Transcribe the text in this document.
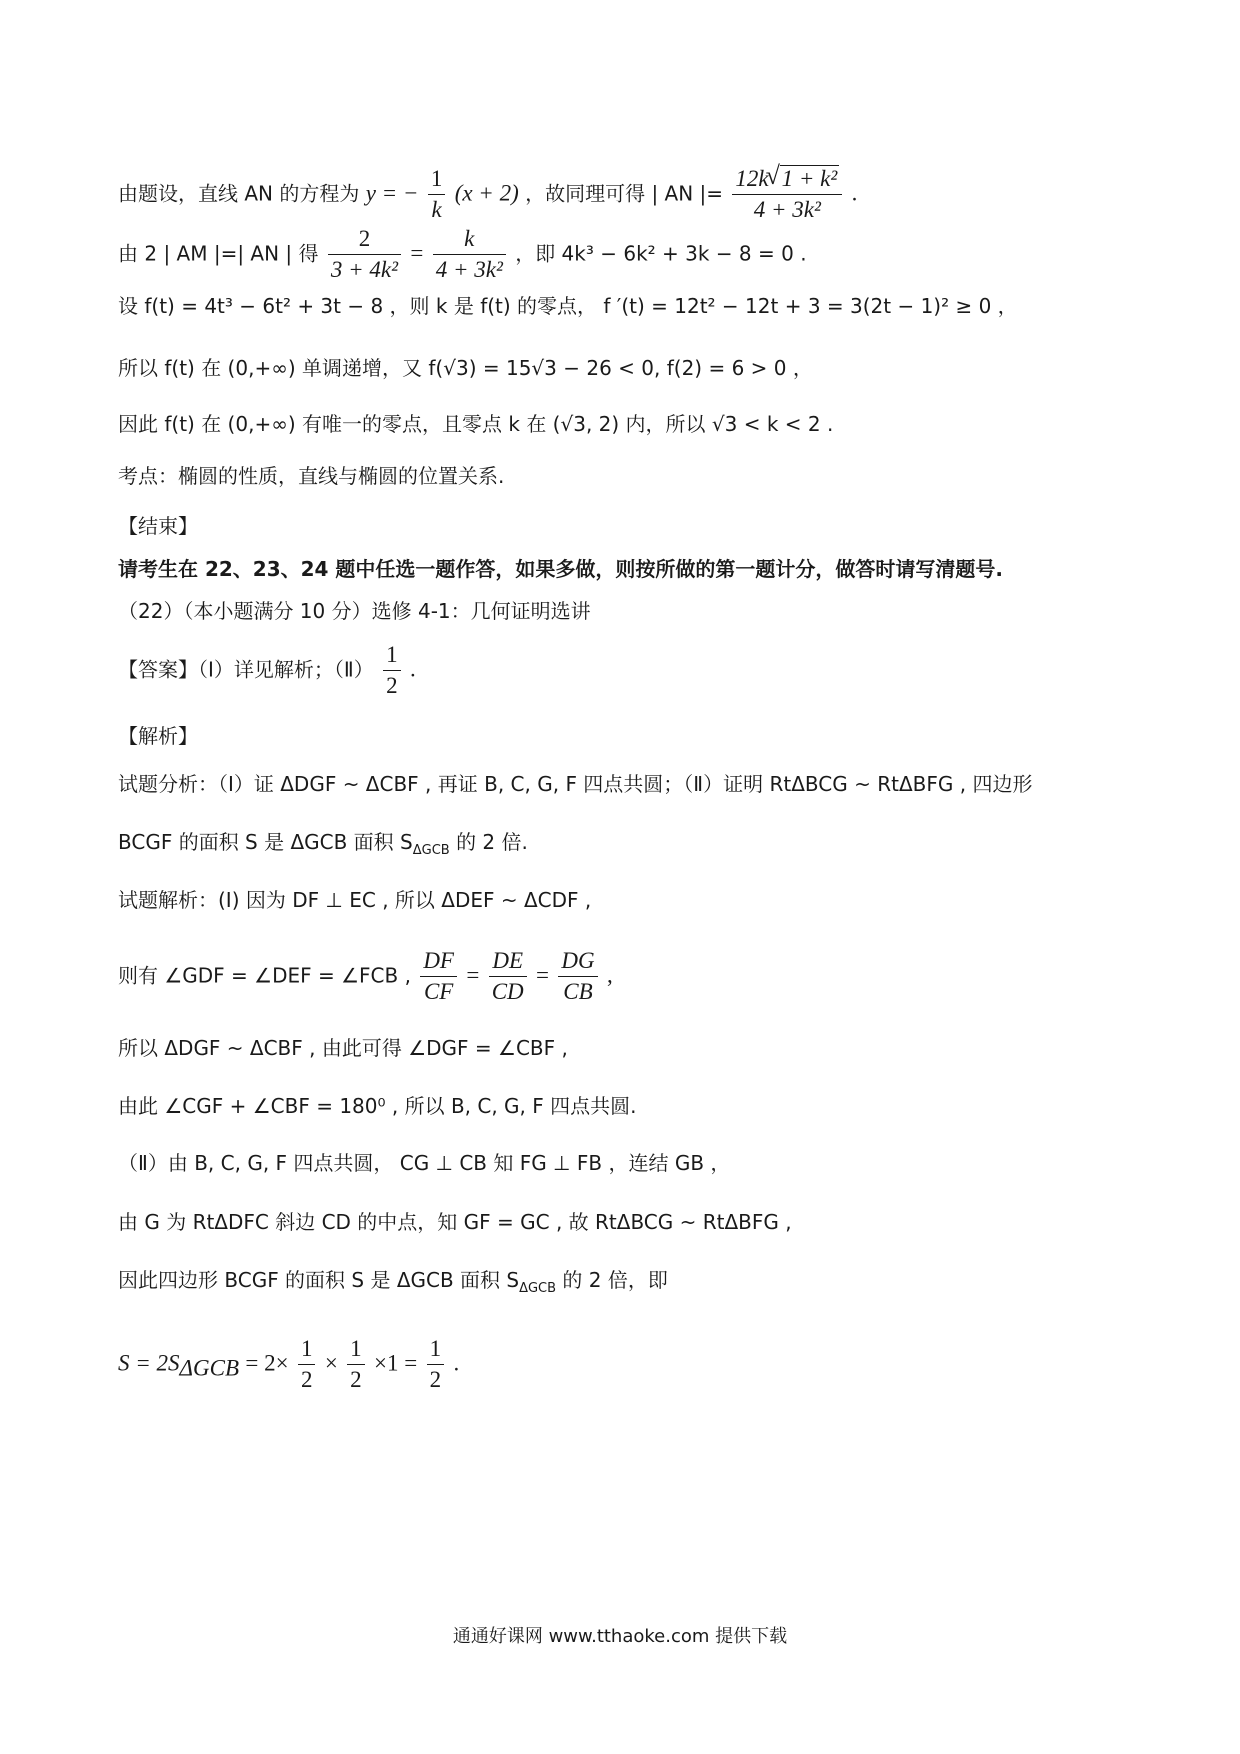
由题设，直线 AN 的方程为 y = − $\frac{1}{k} (x + 2)$ ，故同理可得 | AN |= $\frac{\text{12k√ 1 + k²}}{\text{4 + 3k²}}$ .
由 2 | AM |=| AN | 得 $\frac{2}{\text{3 + 4k²}} = \frac{k}{\text{4 + 3k²}}$ ，即 4k³ − 6k² + 3k − 8 = 0 .
设 f(t) = 4t³ − 6t² + 3t − 8 ，则 k 是 f(t) 的零点， f ′(t) = 12t² − 12t + 3 = 3(2t − 1)² ≥ 0 ，
所以 f(t) 在 (0,+∞) 单调递增，又 f(√3) = 15√3 − 26 < 0, f(2) = 6 > 0 ，
因此 f(t) 在 (0,+∞) 有唯一的零点，且零点 k 在 (√3, 2) 内，所以 √3 < k < 2 .
考点：椭圆的性质，直线与椭圆的位置关系.
【结束】
请考生在 22、23、24 题中任选一题作答，如果多做，则按所做的第一题计分，做答时请写清题号.
（22）（本小题满分 10 分）选修 4-1：几何证明选讲
【答案】（Ⅰ）详见解析；（Ⅱ） $\frac{1}{2}$ .
【解析】
试题分析：（Ⅰ）证 ΔDGF ~ ΔCBF , 再证 B, C, G, F 四点共圆；（Ⅱ）证明 RtΔBCG ~ RtΔBFG , 四边形
BCGF 的面积 S 是 ΔGCB 面积 $S_{\Delta GCB}$ 的 2 倍.
试题解析：(Ⅰ) 因为 DF ⊥ EC , 所以 ΔDEF ~ ΔCDF ,
则有 ∠GDF = ∠DEF = ∠FCB , $\frac{DF}{CF} = \frac{DE}{CD} = \frac{DG}{CB}$ ,
所以 ΔDGF ~ ΔCBF , 由此可得 ∠DGF = ∠CBF ,
由此 ∠CGF + ∠CBF = 180⁰ , 所以 B, C, G, F 四点共圆.
（Ⅱ）由 B, C, G, F 四点共圆， CG ⊥ CB 知 FG ⊥ FB ，连结 GB ，
由 G 为 RtΔDFC 斜边 CD 的中点，知 GF = GC , 故 RtΔBCG ~ RtΔBFG ,
因此四边形 BCGF 的面积 S 是 ΔGCB 面积 $S_{\Delta GCB}$ 的 2 倍，即
$S = 2S_{\Delta GCB} = 2\times \frac{1}{2} \times \frac{1}{2} \times 1 = \frac{1}{2}$ .
通通好课网 www.tthaoke.com 提供下载
